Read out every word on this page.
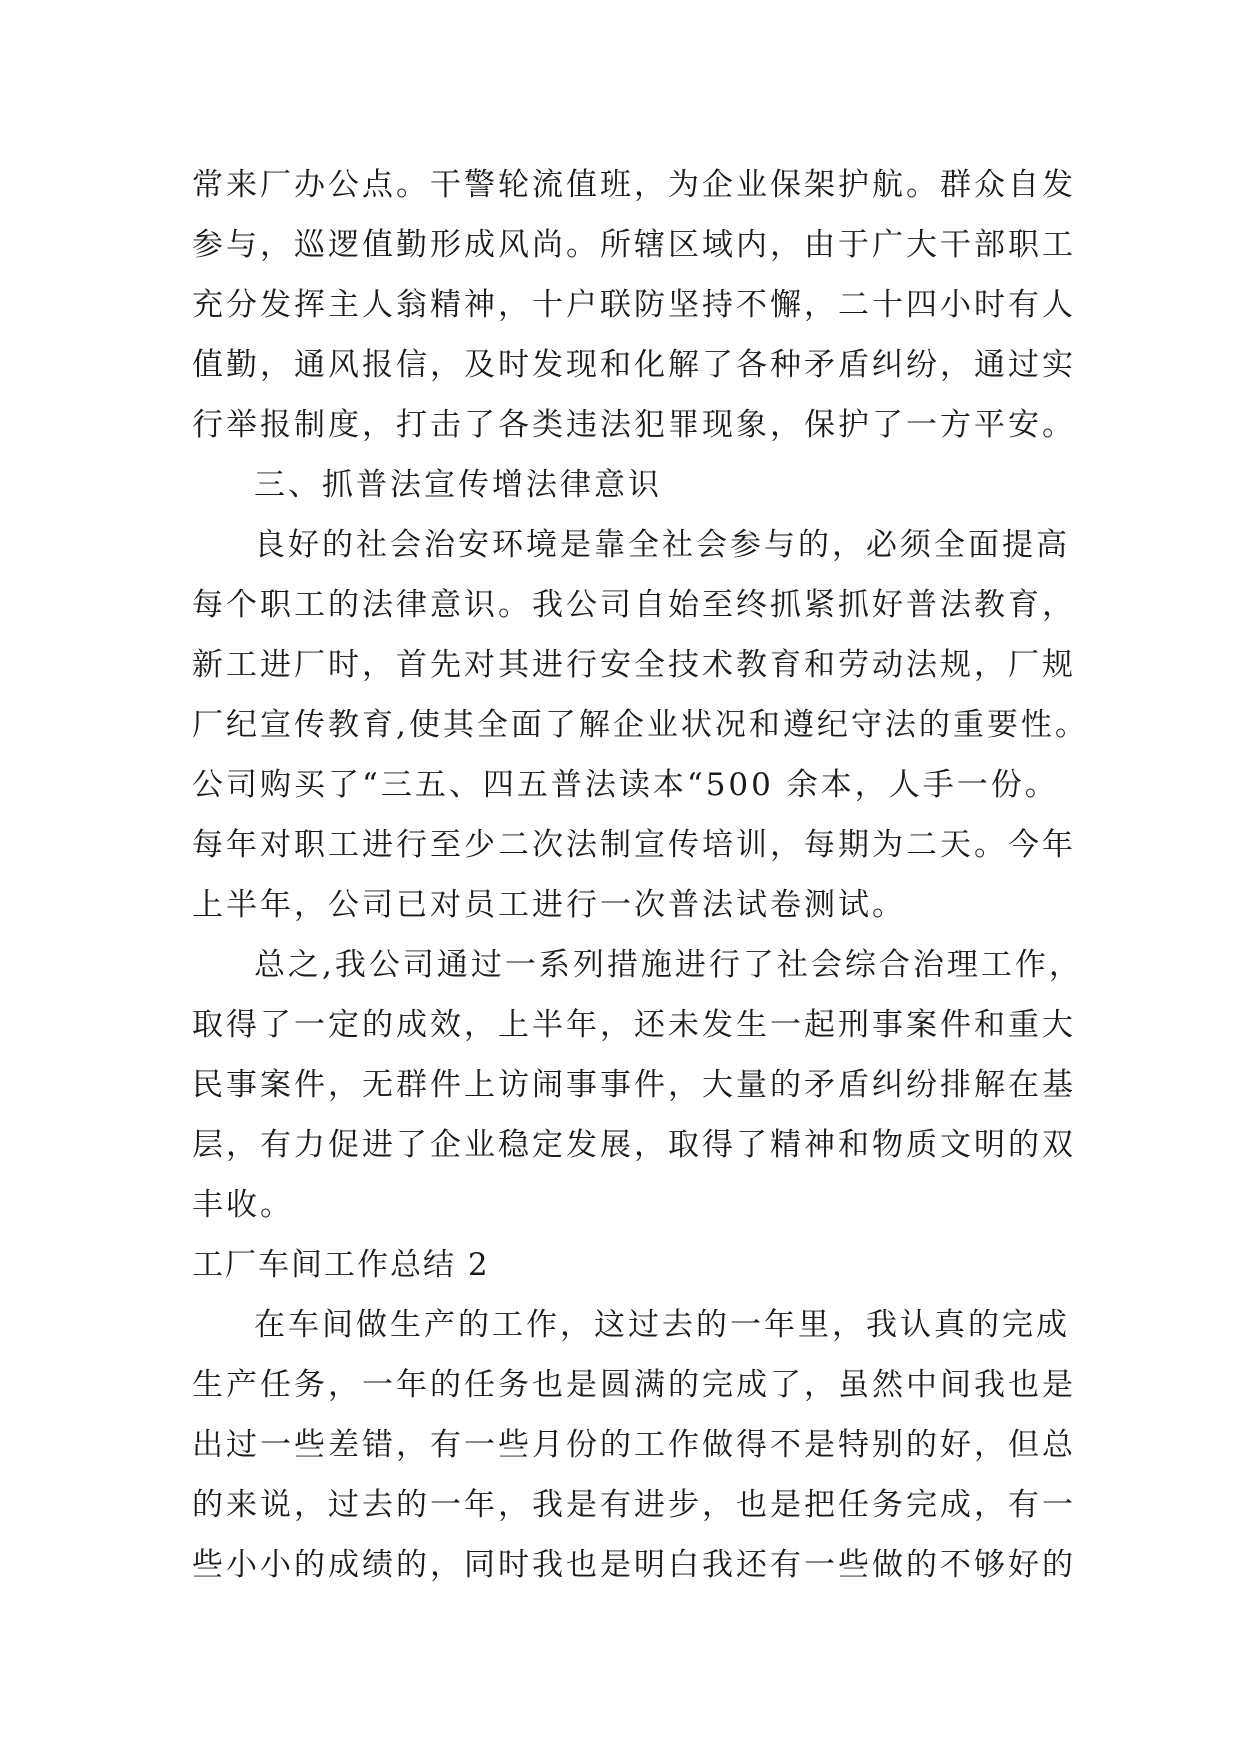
常来厂办公点。干警轮流值班，为企业保架护航。群众自发
参与，巡逻值勤形成风尚。所辖区域内，由于广大干部职工
充分发挥主人翁精神，十户联防坚持不懈，二十四小时有人
值勤，通风报信，及时发现和化解了各种矛盾纠纷，通过实
行举报制度，打击了各类违法犯罪现象，保护了一方平安。
三、抓普法宣传增法律意识
良好的社会治安环境是靠全社会参与的，必须全面提高
每个职工的法律意识。我公司自始至终抓紧抓好普法教育，
新工进厂时，首先对其进行安全技术教育和劳动法规，厂规
厂纪宣传教育,使其全面了解企业状况和遵纪守法的重要性。
公司购买了“三五、四五普法读本“500 余本，人手一份。
每年对职工进行至少二次法制宣传培训，每期为二天。今年
上半年，公司已对员工进行一次普法试卷测试。
总之,我公司通过一系列措施进行了社会综合治理工作，
取得了一定的成效，上半年，还未发生一起刑事案件和重大
民事案件，无群件上访闹事事件，大量的矛盾纠纷排解在基
层，有力促进了企业稳定发展，取得了精神和物质文明的双
丰收。
工厂车间工作总结 2
在车间做生产的工作，这过去的一年里，我认真的完成
生产任务，一年的任务也是圆满的完成了，虽然中间我也是
出过一些差错，有一些月份的工作做得不是特别的好，但总
的来说，过去的一年，我是有进步，也是把任务完成，有一
些小小的成绩的，同时我也是明白我还有一些做的不够好的
